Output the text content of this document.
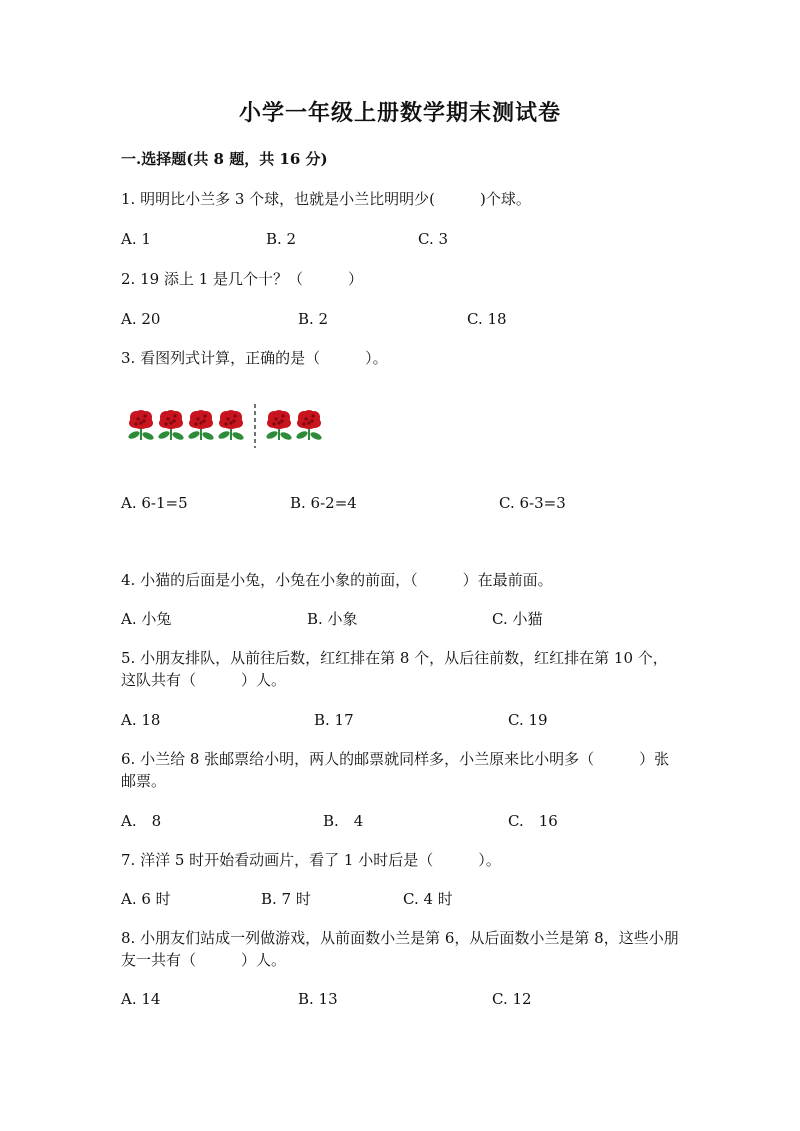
小学一年级上册数学期末测试卷
一.选择题(共 8 题，共 16 分)
1. 明明比小兰多 3 个球，也就是小兰比明明少(　　　)个球。
A. 1	B. 2	C. 3
2. 19 添上 1 是几个十？（　　　）
A. 20	B. 2	C. 18
3. 看图列式计算，正确的是（　　　）。
A. 6-1=5	B. 6-2=4	C. 6-3=3
4. 小猫的后面是小兔，小兔在小象的前面，（　　　）在最前面。
A. 小兔	B. 小象	C. 小猫
5. 小朋友排队，从前往后数，红红排在第 8 个，从后往前数，红红排在第 10 个，这队共有（　　　）人。
A. 18	B. 17	C. 19
6. 小兰给 8 张邮票给小明，两人的邮票就同样多，小兰原来比小明多（　　　）张邮票。
A.　8	B.　4	C.　16
7. 洋洋 5 时开始看动画片，看了 1 小时后是（　　　）。
A. 6 时	B. 7 时	C. 4 时
8. 小朋友们站成一列做游戏，从前面数小兰是第 6，从后面数小兰是第 8，这些小朋友一共有（　　　）人。
A. 14	B. 13	C. 12
